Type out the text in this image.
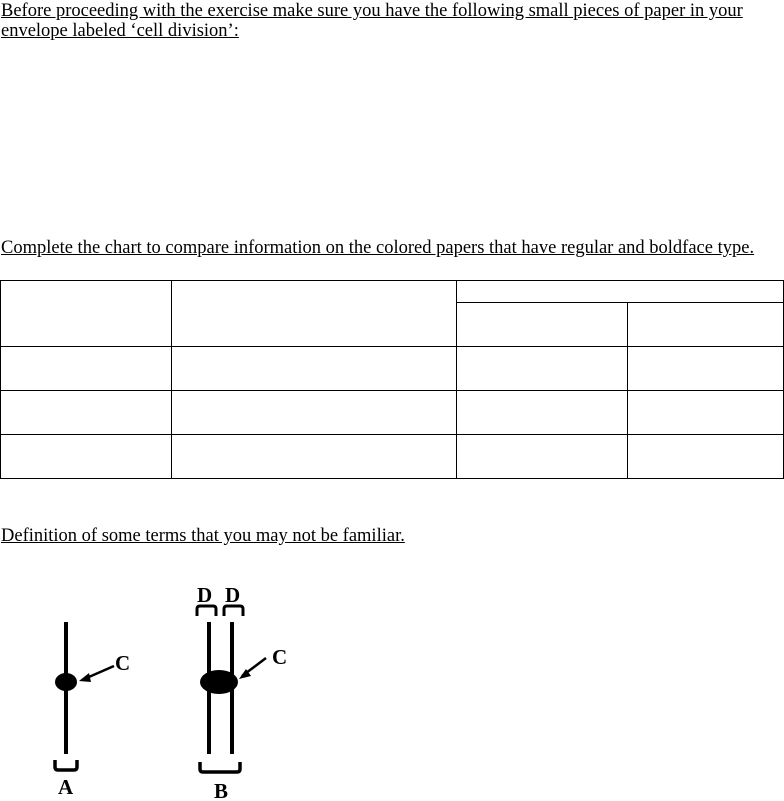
Before proceeding with the exercise make sure you have the following small pieces of paper in your

envelope labeled ‘cell division’:

Complete the chart to compare information on the colored papers that have regular and boldface type.

Definition of some terms that you may not be familiar.

C
A
D D
C
B
